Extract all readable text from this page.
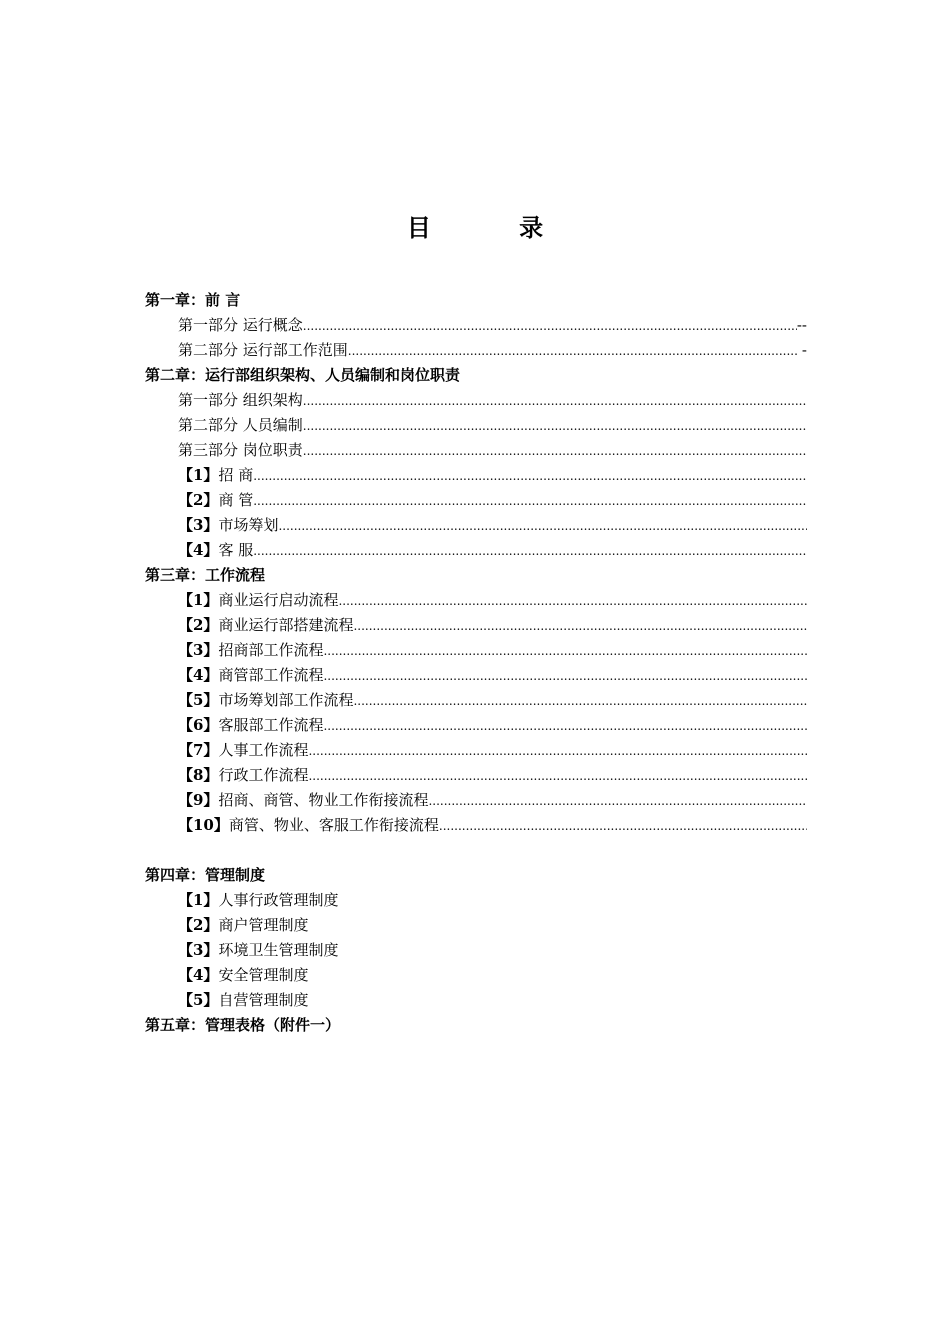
目 录
第一章：前 言
第一部分 运行概念 .....	--
第二部分 运行部工作范围 .....	-
第二章：运行部组织架构、人员编制和岗位职责
第一部分 组织架构
.....
第二部分 人员编制
.....
第三部分 岗位职责
.....
【1】 招 商
.....
【2】 商 管
.....
【3】 市场筹划
.....
【4】 客 服
.....
第三章：工作流程
【1】 商业运行启动流程
.....
【2】 商业运行部搭建流程
.....
【3】 招商部工作流程
.....
【4】 商管部工作流程
.....
【5】 市场筹划部工作流程
.....
【6】 客服部工作流程
.....
【7】 人事工作流程
.....
【8】 行政工作流程
.....
【9】 招商、商管、物业工作衔接流程
.....
【10】 商管、物业、客服工作衔接流程
.....
第四章：管理制度
【1】 人事行政管理制度
【2】 商户管理制度
【3】 环境卫生管理制度
【4】 安全管理制度
【5】 自营管理制度
第五章：管理表格（附件一）
